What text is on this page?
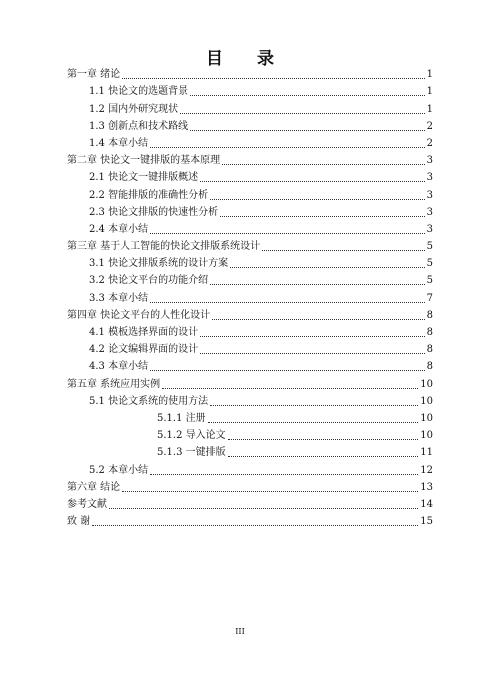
目 录
第一章 绪论	1
1.1 快论文的选题背景	1
1.2 国内外研究现状	1
1.3 创新点和技术路线	2
1.4 本章小结	2
第二章 快论文一键排版的基本原理	3
2.1 快论文一键排版概述	3
2.2 智能排版的准确性分析	3
2.3 快论文排版的快速性分析	3
2.4 本章小结	3
第三章 基于人工智能的快论文排版系统设计	5
3.1 快论文排版系统的设计方案	5
3.2 快论文平台的功能介绍	5
3.3 本章小结	7
第四章 快论文平台的人性化设计	8
4.1 模板选择界面的设计	8
4.2 论文编辑界面的设计	8
4.3 本章小结	8
第五章 系统应用实例	10
5.1 快论文系统的使用方法	10
5.1.1 注册	10
5.1.2 导入论文	10
5.1.3 一键排版	11
5.2 本章小结	12
第六章 结论	13
参考文献	14
致 谢	15
III
